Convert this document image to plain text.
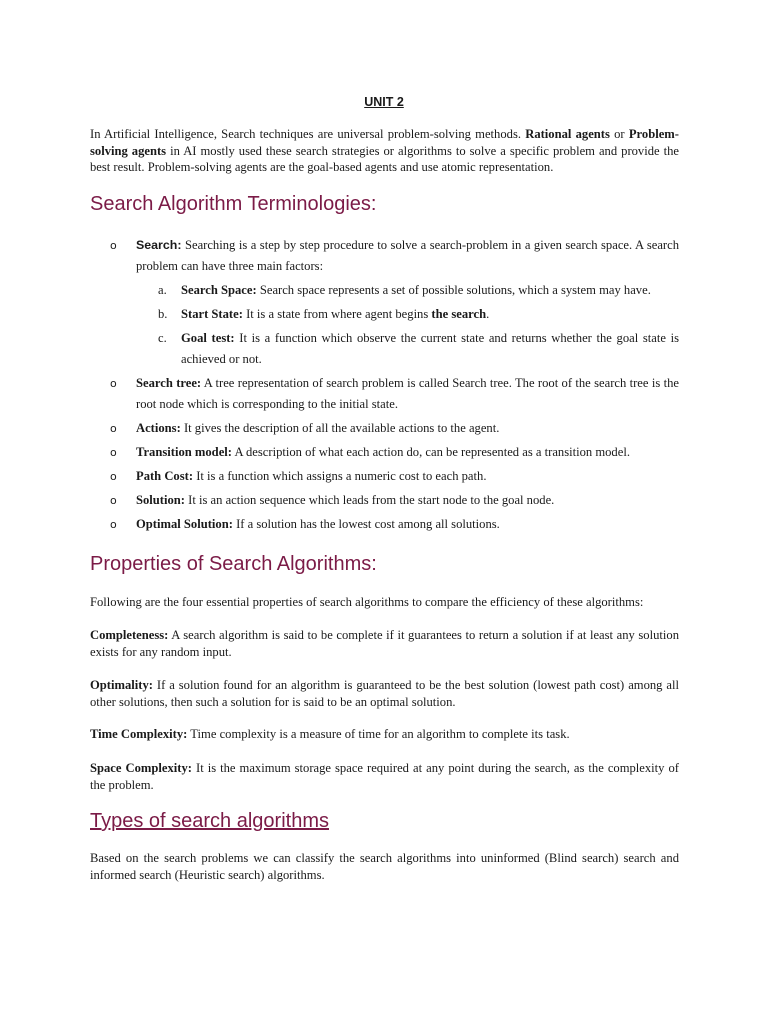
UNIT 2

In Artificial Intelligence, Search techniques are universal problem-solving methods. Rational agents or Problem-solving agents in AI mostly used these search strategies or algorithms to solve a specific problem and provide the best result. Problem-solving agents are the goal-based agents and use atomic representation.

Search Algorithm Terminologies:
o Search: Searching is a step by step procedure to solve a search-problem in a given search space. A search problem can have three main factors:
a. Search Space: Search space represents a set of possible solutions, which a system may have.
b. Start State: It is a state from where agent begins the search.
c. Goal test: It is a function which observe the current state and returns whether the goal state is achieved or not.
o Search tree: A tree representation of search problem is called Search tree. The root of the search tree is the root node which is corresponding to the initial state.
o Actions: It gives the description of all the available actions to the agent.
o Transition model: A description of what each action do, can be represented as a transition model.
o Path Cost: It is a function which assigns a numeric cost to each path.
o Solution: It is an action sequence which leads from the start node to the goal node.
o Optimal Solution: If a solution has the lowest cost among all solutions.
Properties of Search Algorithms:

Following are the four essential properties of search algorithms to compare the efficiency of these algorithms:

Completeness: A search algorithm is said to be complete if it guarantees to return a solution if at least any solution exists for any random input.

Optimality: If a solution found for an algorithm is guaranteed to be the best solution (lowest path cost) among all other solutions, then such a solution for is said to be an optimal solution.

Time Complexity: Time complexity is a measure of time for an algorithm to complete its task.

Space Complexity: It is the maximum storage space required at any point during the search, as the complexity of the problem.

Types of search algorithms

Based on the search problems we can classify the search algorithms into uninformed (Blind search) search and informed search (Heuristic search) algorithms.
